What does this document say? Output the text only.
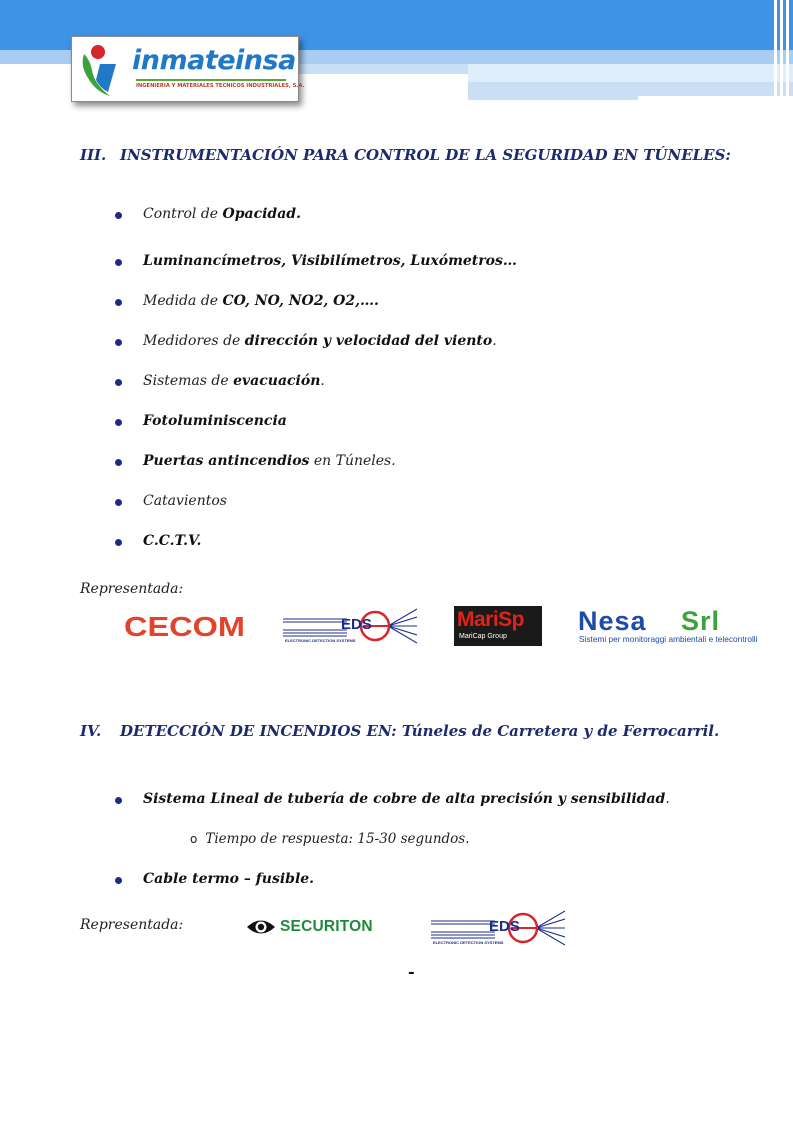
inmateinsa
INGENIERIA Y MATERIALES TECNICOS INDUSTRIALES, S.A.
III. INSTRUMENTACIÓN PARA CONTROL DE LA SEGURIDAD EN TÚNELES:
Control de Opacidad.
Luminancímetros, Visibilímetros, Luxómetros…
Medida de CO, NO, NO2, O2,….
Medidores de dirección y velocidad del viento.
Sistemas de evacuación.
Fotoluminiscencia
Puertas antincendios en Túneles.
Catavientos
C.C.T.V.
Representada:
CECOM	EDS
ELECTRONIC DETECTION SYSTEMS
MariSp
MariCap Group
Nesa Srl
Sistemi per monitoraggi ambientali e telecontrolli
IV.	DETECCIÓN DE INCENDIOS EN: Túneles de Carretera y de Ferrocarril.
Sistema Lineal de tubería de cobre de alta precisión y sensibilidad.
o Tiempo de respuesta: 15-30 segundos.
Cable termo – fusible.
Representada:	SECURITON	EDS
ELECTRONIC DETECTION SYSTEMS
-
